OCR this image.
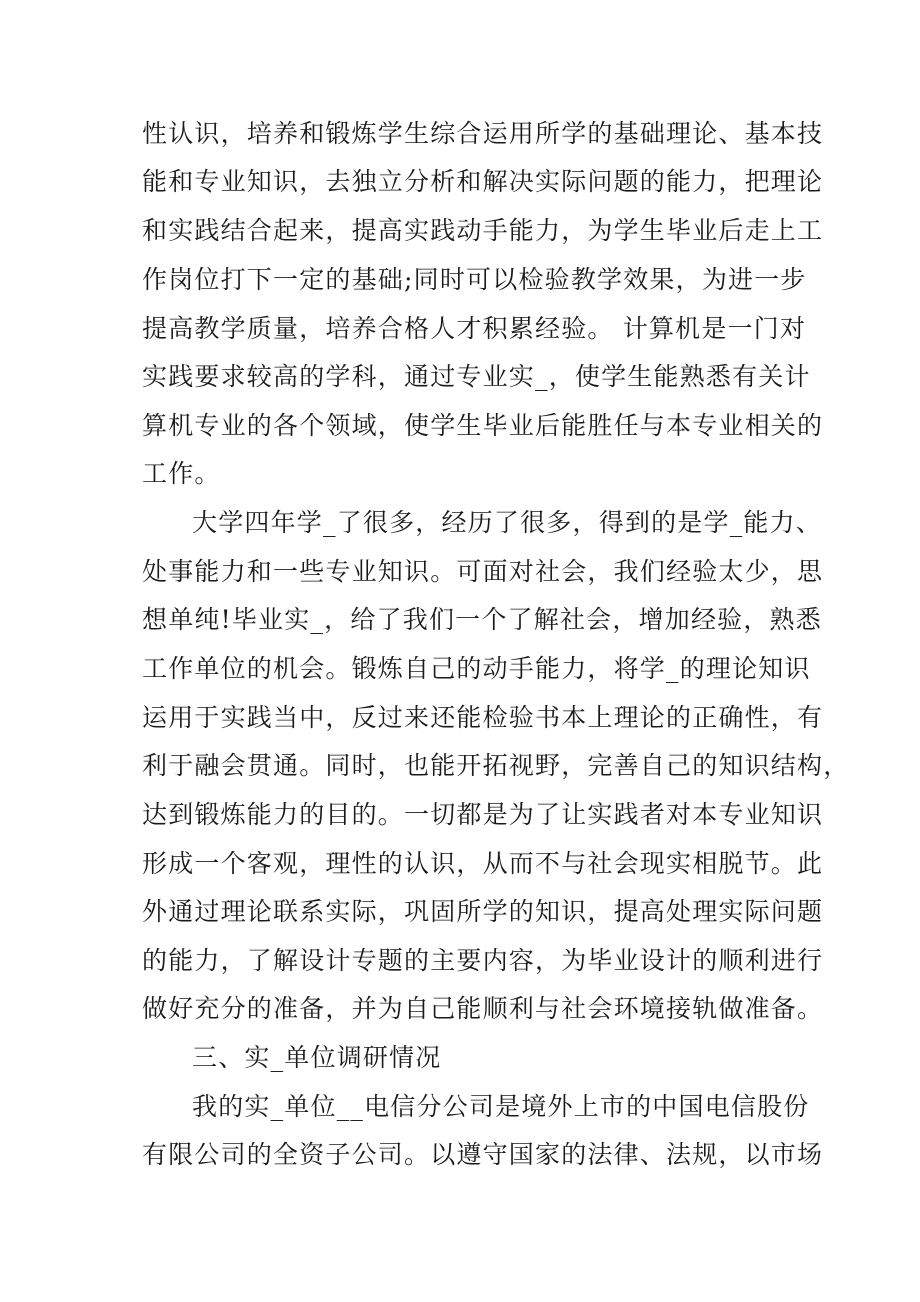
性认识，培养和锻炼学生综合运用所学的基础理论、基本技
能和专业知识，去独立分析和解决实际问题的能力，把理论
和实践结合起来，提高实践动手能力，为学生毕业后走上工
作岗位打下一定的基础;同时可以检验教学效果，为进一步
提高教学质量，培养合格人才积累经验。 计算机是一门对
实践要求较高的学科，通过专业实_，使学生能熟悉有关计
算机专业的各个领域，使学生毕业后能胜任与本专业相关的
工作。
大学四年学_了很多，经历了很多，得到的是学_能力、
处事能力和一些专业知识。可面对社会，我们经验太少，思
想单纯!毕业实_，给了我们一个了解社会，增加经验，熟悉
工作单位的机会。锻炼自己的动手能力，将学_的理论知识
运用于实践当中，反过来还能检验书本上理论的正确性，有
利于融会贯通。同时，也能开拓视野，完善自己的知识结构，
达到锻炼能力的目的。一切都是为了让实践者对本专业知识
形成一个客观，理性的认识，从而不与社会现实相脱节。此
外通过理论联系实际，巩固所学的知识，提高处理实际问题
的能力，了解设计专题的主要内容，为毕业设计的顺利进行
做好充分的准备，并为自己能顺利与社会环境接轨做准备。
三、实_单位调研情况
我的实_单位__电信分公司是境外上市的中国电信股份
有限公司的全资子公司。以遵守国家的法律、法规，以市场
